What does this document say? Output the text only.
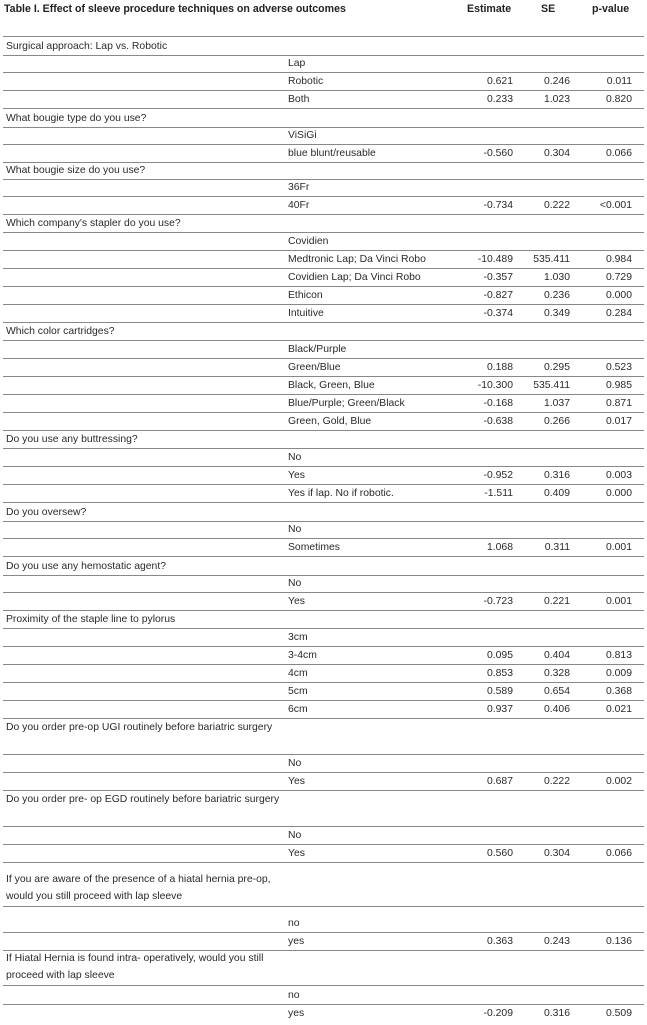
Table I. Effect of sleeve procedure techniques on adverse outcomes	Estimate	SE	p-value
Surgical approach: Lap vs. Robotic
Lap
Robotic	0.621	0.246	0.011
Both	0.233	1.023	0.820
What bougie type do you use?
ViSiGi
blue blunt/reusable	-0.560	0.304	0.066
What bougie size do you use?
36Fr
40Fr	-0.734	0.222	<0.001
Which company's stapler do you use?
Covidien
Medtronic Lap; Da Vinci Robo	-10.489	535.411	0.984
Covidien Lap; Da Vinci Robo	-0.357	1.030	0.729
Ethicon	-0.827	0.236	0.000
Intuitive	-0.374	0.349	0.284
Which color cartridges?
Black/Purple
Green/Blue	0.188	0.295	0.523
Black, Green, Blue	-10.300	535.411	0.985
Blue/Purple; Green/Black	-0.168	1.037	0.871
Green, Gold, Blue	-0.638	0.266	0.017
Do you use any buttressing?
No
Yes	-0.952	0.316	0.003
Yes if lap. No if robotic.	-1.511	0.409	0.000
Do you oversew?
No
Sometimes	1.068	0.311	0.001
Do you use any hemostatic agent?
No
Yes	-0.723	0.221	0.001
Proximity of the staple line to pylorus
3cm
3-4cm	0.095	0.404	0.813
4cm	0.853	0.328	0.009
5cm	0.589	0.654	0.368
6cm	0.937	0.406	0.021
Do you order pre-op UGI routinely before bariatric surgery
No
Yes	0.687	0.222	0.002
Do you order pre- op EGD routinely before bariatric surgery
No
Yes	0.560	0.304	0.066
If you are aware of the presence of a hiatal hernia pre-op, would you still proceed with lap sleeve
no
yes	0.363	0.243	0.136
If Hiatal Hernia is found intra- operatively, would you still proceed with lap sleeve
no
yes	-0.209	0.316	0.509
